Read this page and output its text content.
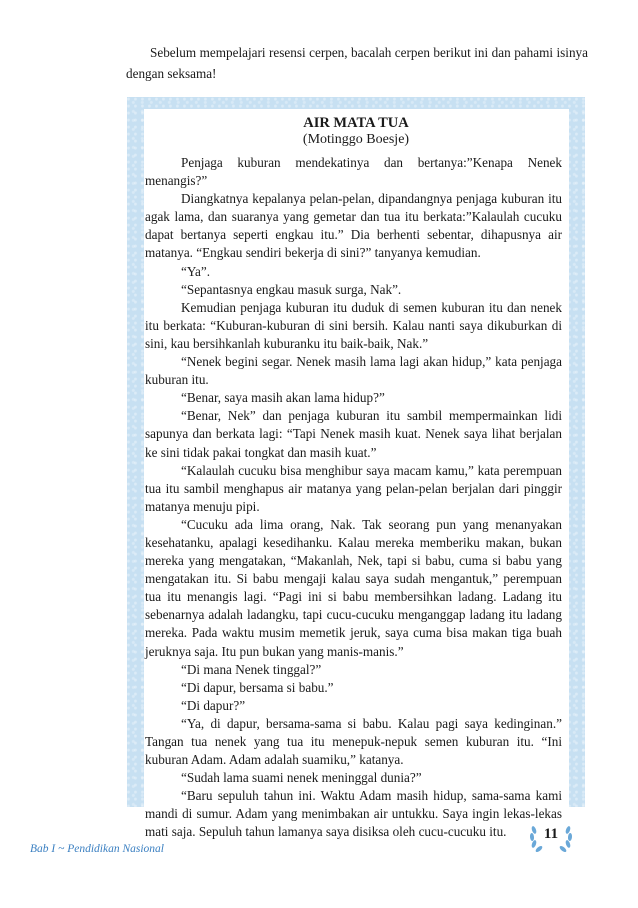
Sebelum mempelajari resensi cerpen, bacalah cerpen berikut ini dan pahami isinya dengan seksama!
AIR MATA TUA
(Motinggo Boesje)

Penjaga kuburan mendekatinya dan bertanya:”Kenapa Nenek menangis?”

Diangkatnya kepalanya pelan-pelan, dipandangnya penjaga kuburan itu agak lama, dan suaranya yang gemetar dan tua itu berkata:”Kalaulah cucuku dapat bertanya seperti engkau itu.” Dia berhenti sebentar, dihapusnya air matanya. “Engkau sendiri bekerja di sini?” tanyanya kemudian.

“Ya”.

“Sepantasnya engkau masuk surga, Nak”.

Kemudian penjaga kuburan itu duduk di semen kuburan itu dan nenek itu berkata: “Kuburan-kuburan di sini bersih. Kalau nanti saya dikuburkan di sini, kau bersihkanlah kuburanku itu baik-baik, Nak.”

“Nenek begini segar. Nenek masih lama lagi akan hidup,” kata penjaga kuburan itu.

“Benar, saya masih akan lama hidup?”

“Benar, Nek” dan penjaga kuburan itu sambil mempermainkan lidi sapunya dan berkata lagi: “Tapi Nenek masih kuat. Nenek saya lihat berjalan ke sini tidak pakai tongkat dan masih kuat.”

“Kalaulah cucuku bisa menghibur saya macam kamu,” kata perempuan tua itu sambil menghapus air matanya yang pelan-pelan berjalan dari pinggir matanya menuju pipi.

“Cucuku ada lima orang, Nak. Tak seorang pun yang menanyakan kesehatanku, apalagi kesedihanku. Kalau mereka memberiku makan, bukan mereka yang mengatakan, “Makanlah, Nek, tapi si babu, cuma si babu yang mengatakan itu. Si babu mengaji kalau saya sudah mengantuk,” perempuan tua itu menangis lagi. “Pagi ini si babu membersihkan ladang. Ladang itu sebenarnya adalah ladangku, tapi cucu-cucuku menganggap ladang itu ladang mereka. Pada waktu musim memetik jeruk, saya cuma bisa makan tiga buah jeruknya saja. Itu pun bukan yang manis-manis.”

“Di mana Nenek tinggal?”

“Di dapur, bersama si babu.”

“Di dapur?”

“Ya, di dapur, bersama-sama si babu. Kalau pagi saya kedinginan.” Tangan tua nenek yang tua itu menepuk-nepuk semen kuburan itu. “Ini kuburan Adam. Adam adalah suamiku,” katanya.

“Sudah lama suami nenek meninggal dunia?”

“Baru sepuluh tahun ini. Waktu Adam masih hidup, sama-sama kami mandi di sumur. Adam yang menimbakan air untukku. Saya ingin lekas-lekas mati saja. Sepuluh tahun lamanya saya disiksa oleh cucu-cucuku itu.

Bab I ~ Pendidikan Nasional
11
